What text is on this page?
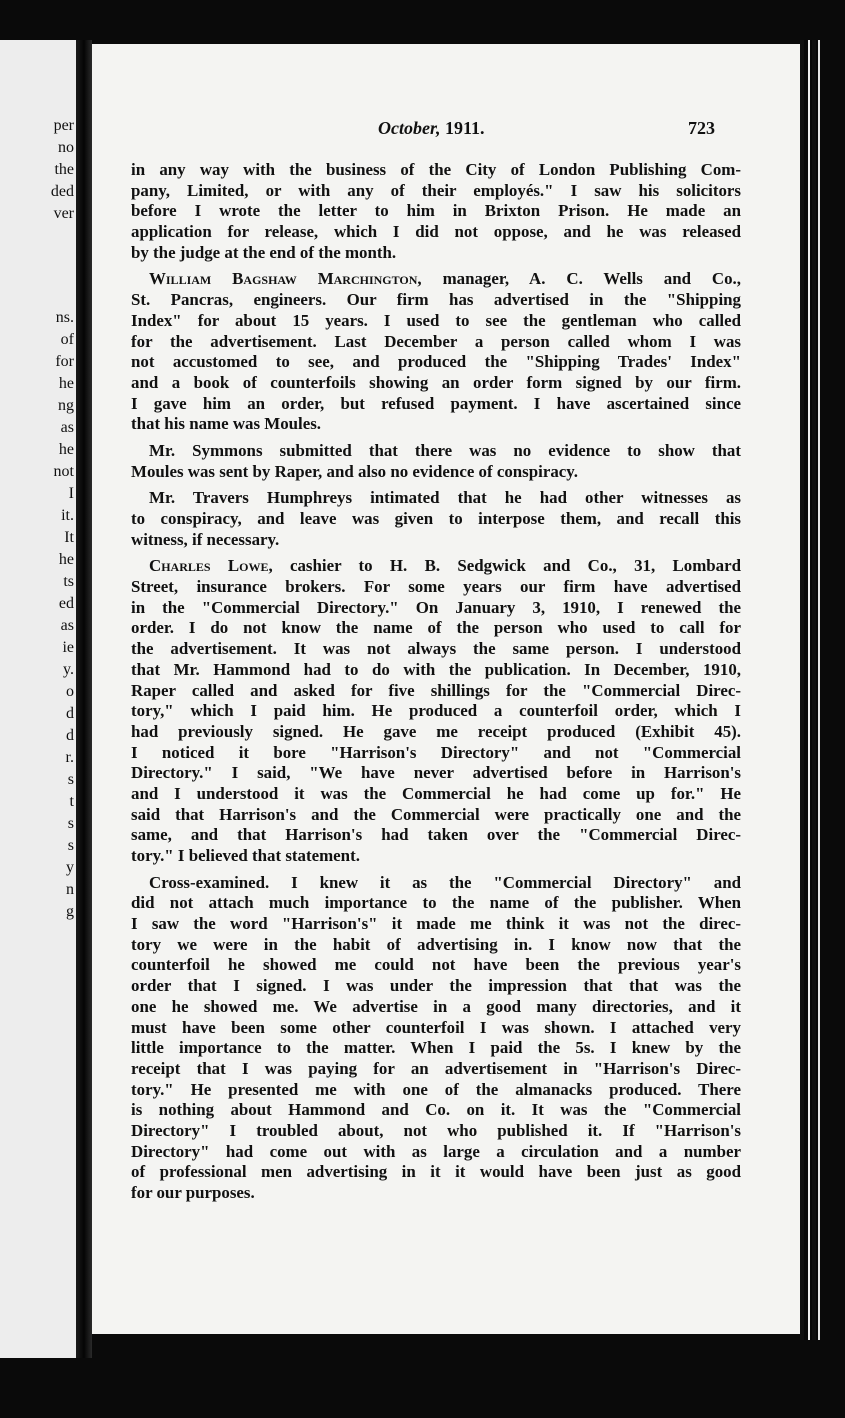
per
no
the
ded
ver
ns.
of
for
he
ng
as
he
not
I
it.
It
he
ts
ed
as
ie
y.
o
d
d
r.
s
t
s
s
y
n
g
October, 1911.	723
in any way with the business of the City of London Publishing Com-
pany, Limited, or with any of their employés." I saw his solicitors
before I wrote the letter to him in Brixton Prison. He made an
application for release, which I did not oppose, and he was released
by the judge at the end of the month.
William Bagshaw Marchington, manager, A. C. Wells and Co.,
St. Pancras, engineers. Our firm has advertised in the "Shipping
Index" for about 15 years. I used to see the gentleman who called
for the advertisement. Last December a person called whom I was
not accustomed to see, and produced the "Shipping Trades' Index"
and a book of counterfoils showing an order form signed by our firm.
I gave him an order, but refused payment. I have ascertained since
that his name was Moules.
Mr. Symmons submitted that there was no evidence to show that
Moules was sent by Raper, and also no evidence of conspiracy.
Mr. Travers Humphreys intimated that he had other witnesses as
to conspiracy, and leave was given to interpose them, and recall this
witness, if necessary.
Charles Lowe, cashier to H. B. Sedgwick and Co., 31, Lombard
Street, insurance brokers. For some years our firm have advertised
in the "Commercial Directory." On January 3, 1910, I renewed the
order. I do not know the name of the person who used to call for
the advertisement. It was not always the same person. I understood
that Mr. Hammond had to do with the publication. In December, 1910,
Raper called and asked for five shillings for the "Commercial Direc-
tory," which I paid him. He produced a counterfoil order, which I
had previously signed. He gave me receipt produced (Exhibit 45).
I noticed it bore "Harrison's Directory" and not "Commercial
Directory." I said, "We have never advertised before in Harrison's
and I understood it was the Commercial he had come up for." He
said that Harrison's and the Commercial were practically one and the
same, and that Harrison's had taken over the "Commercial Direc-
tory." I believed that statement.
Cross-examined. I knew it as the "Commercial Directory" and
did not attach much importance to the name of the publisher. When
I saw the word "Harrison's" it made me think it was not the direc-
tory we were in the habit of advertising in. I know now that the
counterfoil he showed me could not have been the previous year's
order that I signed. I was under the impression that that was the
one he showed me. We advertise in a good many directories, and it
must have been some other counterfoil I was shown. I attached very
little importance to the matter. When I paid the 5s. I knew by the
receipt that I was paying for an advertisement in "Harrison's Direc-
tory." He presented me with one of the almanacks produced. There
is nothing about Hammond and Co. on it. It was the "Commercial
Directory" I troubled about, not who published it. If "Harrison's
Directory" had come out with as large a circulation and a number
of professional men advertising in it it would have been just as good
for our purposes.
